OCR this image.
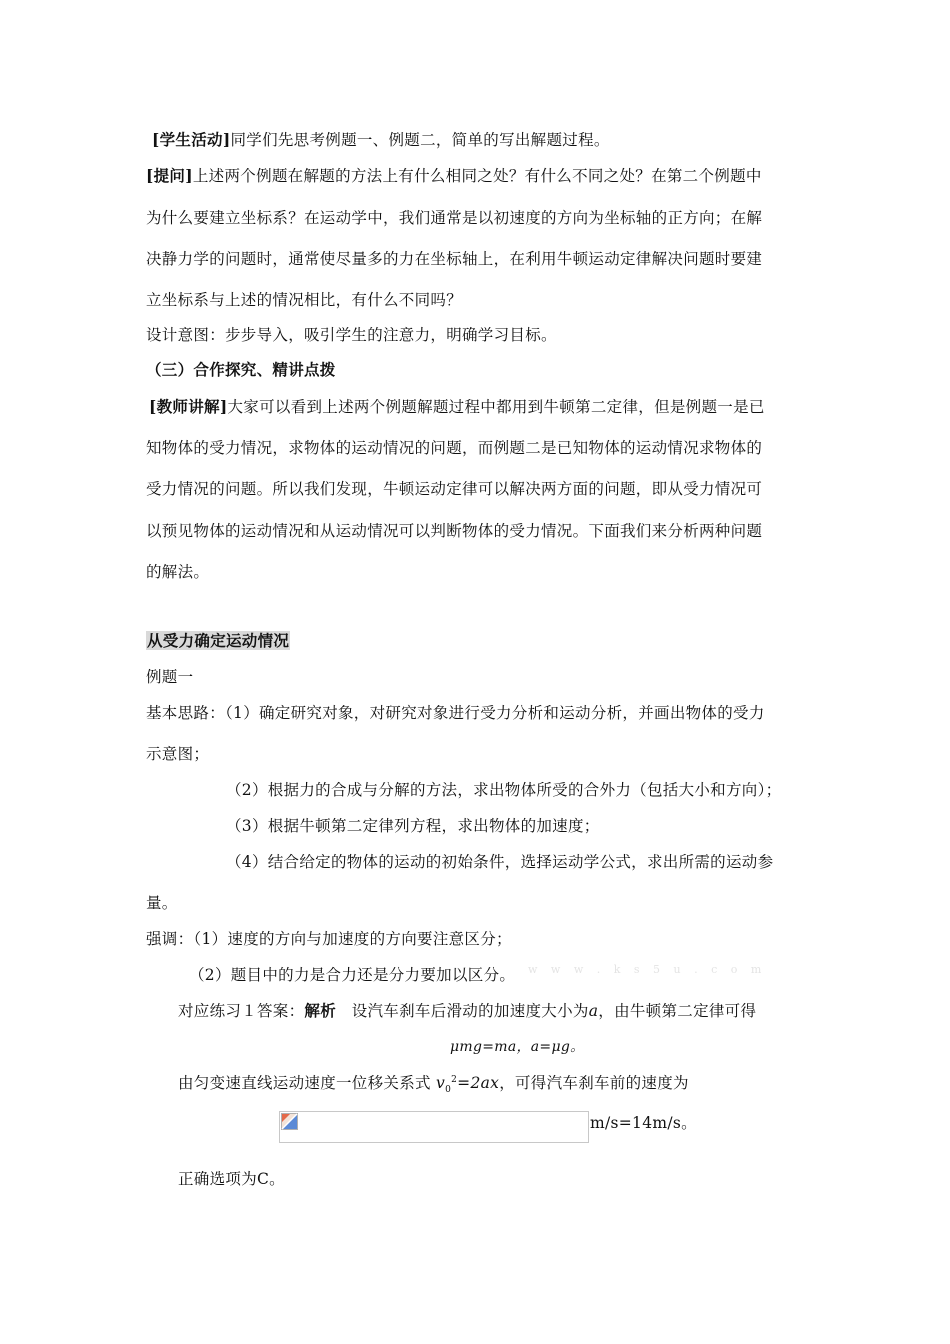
[学生活动]同学们先思考例题一、例题二，简单的写出解题过程。
[提问]上述两个例题在解题的方法上有什么相同之处？有什么不同之处？在第二个例题中
为什么要建立坐标系？在运动学中，我们通常是以初速度的方向为坐标轴的正方向；在解
决静力学的问题时，通常使尽量多的力在坐标轴上，在利用牛顿运动定律解决问题时要建
立坐标系与上述的情况相比，有什么不同吗？
设计意图：步步导入，吸引学生的注意力，明确学习目标。
（三）合作探究、精讲点拨
[教师讲解]大家可以看到上述两个例题解题过程中都用到牛顿第二定律，但是例题一是已
知物体的受力情况，求物体的运动情况的问题，而例题二是已知物体的运动情况求物体的
受力情况的问题。所以我们发现，牛顿运动定律可以解决两方面的问题，即从受力情况可
以预见物体的运动情况和从运动情况可以判断物体的受力情况。下面我们来分析两种问题
的解法。
从受力确定运动情况
例题一
基本思路：（1）确定研究对象，对研究对象进行受力分析和运动分析，并画出物体的受力
示意图；
（2）根据力的合成与分解的方法，求出物体所受的合外力（包括大小和方向）；
（3）根据牛顿第二定律列方程，求出物体的加速度；
（4）结合给定的物体的运动的初始条件，选择运动学公式，求出所需的运动参
量。
强调：（1）速度的方向与加速度的方向要注意区分；
（2）题目中的力是合力还是分力要加以区分。 w w w . k s 5 u . c o m
对应练习１答案：解析 设汽车刹车后滑动的加速度大小为a，由牛顿第二定律可得
μmg=ma，a=μg。
由匀变速直线运动速度一位移关系式 $v_0^2=2ax$，可得汽车刹车前的速度为
m/s=14m/s。
正确选项为C。
